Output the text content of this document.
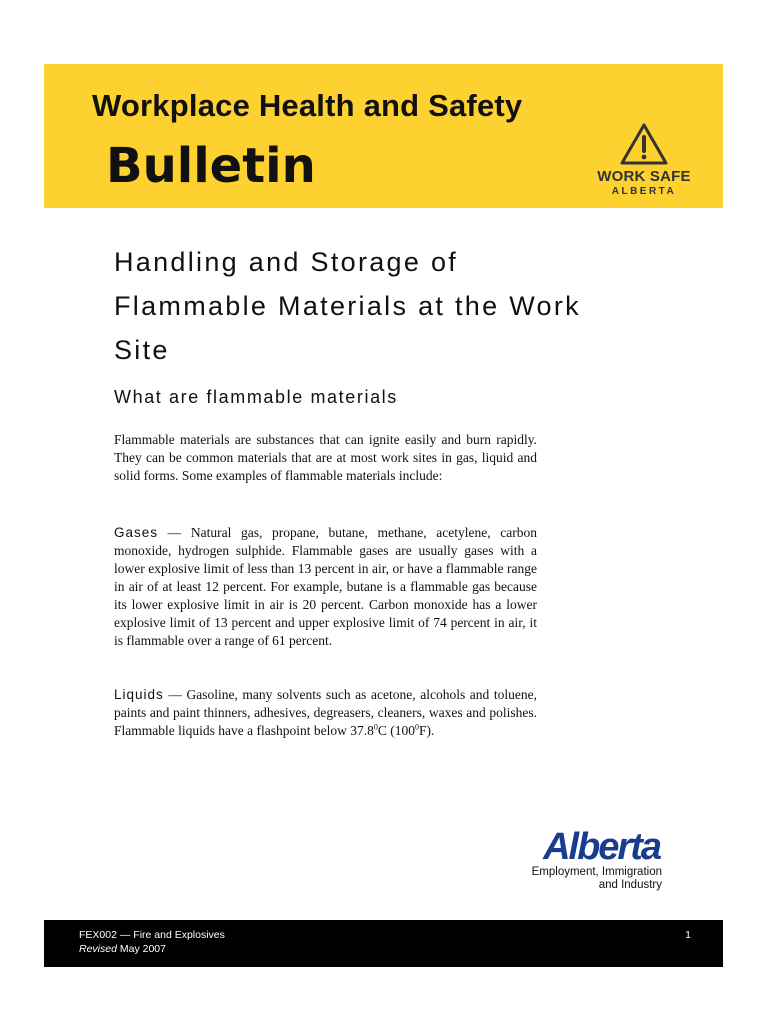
Workplace Health and Safety
Bulletin	WORK SAFE
ALBERTA
Handling and Storage of Flammable Materials at the Work Site
What are flammable materials

Flammable materials are substances that can ignite easily and burn rapidly. They can be common materials that are at most work sites in gas, liquid and solid forms. Some examples of flammable materials include:

Gases — Natural gas, propane, butane, methane, acetylene, carbon monoxide, hydrogen sulphide. Flammable gases are usually gases with a lower explosive limit of less than 13 percent in air, or have a flammable range in air of at least 12 percent. For example, butane is a flammable gas because its lower explosive limit in air is 20 percent. Carbon monoxide has a lower explosive limit of 13 percent and upper explosive limit of 74 percent in air, it is flammable over a range of 61 percent.

Liquids — Gasoline, many solvents such as acetone, alcohols and toluene, paints and paint thinners, adhesives, degreasers, cleaners, waxes and polishes. Flammable liquids have a flashpoint below 37.8$^0$C $(100^0F)$.

Alberta
Employment, Immigration
and Industry
FEX002 — Fire and Explosives
Revised May 2007
1
